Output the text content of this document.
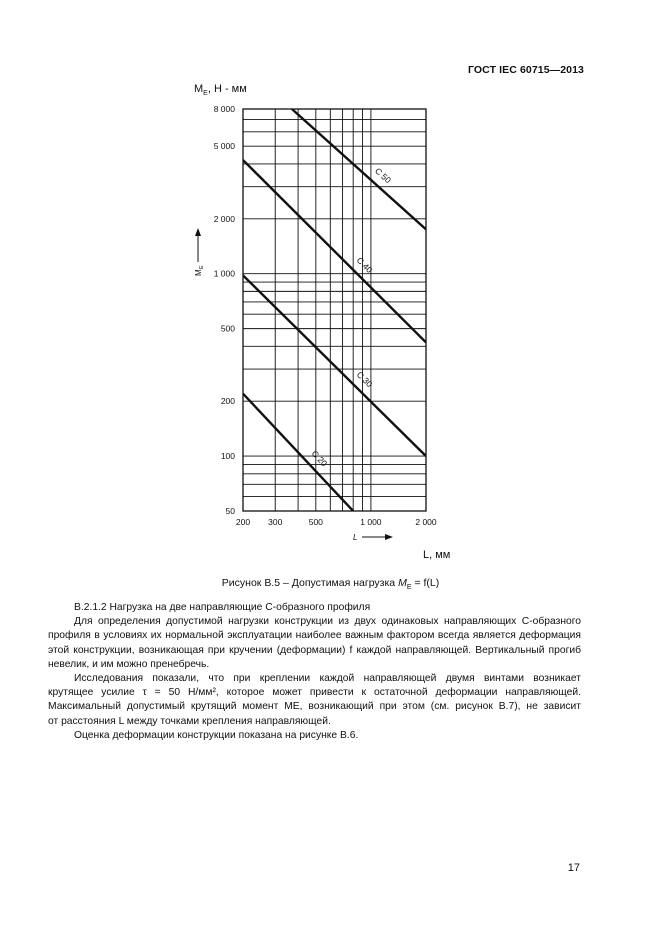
ГОСТ IEC 60715—2013
$M_E$, Н - мм
50
100
200
500
1 000
2 000
5 000
8 000
200 300	500	1 000	2 000
C 20
C 30
C 40
C 50
M
E
L
L, мм
Рисунок В.5 – Допустимая нагрузка $M_E = f(L)$

В.2.1.2 Нагрузка на две направляющие С-образного профиля

Для определения допустимой нагрузки конструкции из двух одинаковых направляющих С-образного профиля в условиях их нормальной эксплуатации наиболее важным фактором всегда является деформация этой конструкции, возникающая при кручении (деформации) f каждой направляющей. Вертикальный прогиб невелик, и им можно пренебречь.

Исследования показали, что при креплении каждой направляющей двумя винтами возникает

крутящее усилие τ = 50 Н/мм², которое может привести к остаточной деформации направляющей.

Максимальный допустимый крутящий момент ME, возникающий при этом (см. рисунок В.7), не зависит

от расстояния L между точками крепления направляющей.

Оценка деформации конструкции показана на рисунке В.6.

17
